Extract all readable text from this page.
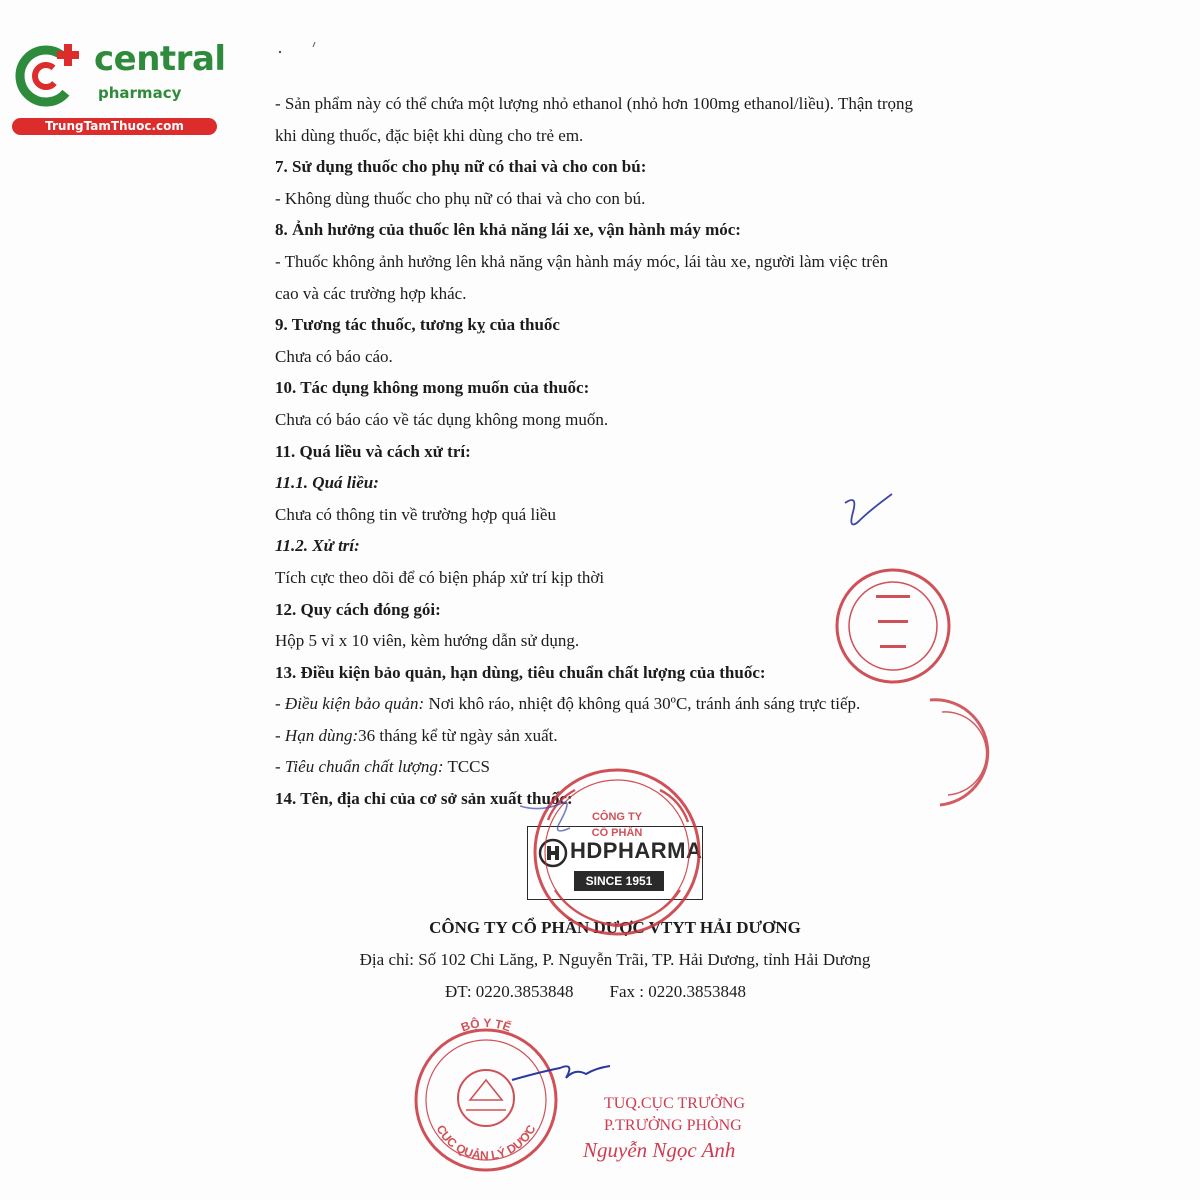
central
pharmacy
TrungTamThuoc.com
- Sản phẩm này có thể chứa một lượng nhỏ ethanol (nhỏ hơn 100mg ethanol/liều). Thận trọng
khi dùng thuốc, đặc biệt khi dùng cho trẻ em.
7. Sử dụng thuốc cho phụ nữ có thai và cho con bú:
- Không dùng thuốc cho phụ nữ có thai và cho con bú.
8. Ảnh hưởng của thuốc lên khả năng lái xe, vận hành máy móc:
- Thuốc không ảnh hưởng lên khả năng vận hành máy móc, lái tàu xe, người làm việc trên
cao và các trường hợp khác.
9. Tương tác thuốc, tương kỵ của thuốc
Chưa có báo cáo.
10. Tác dụng không mong muốn của thuốc:
Chưa có báo cáo về tác dụng không mong muốn.
11. Quá liều và cách xử trí:
11.1. Quá liều:
Chưa có thông tin về trường hợp quá liều
11.2. Xử trí:
Tích cực theo dõi để có biện pháp xử trí kịp thời
12. Quy cách đóng gói:
Hộp 5 vỉ x 10 viên, kèm hướng dẫn sử dụng.
13. Điều kiện bảo quản, hạn dùng, tiêu chuẩn chất lượng của thuốc:
- Điều kiện bảo quản: Nơi khô ráo, nhiệt độ không quá 30ºC, tránh ánh sáng trực tiếp.
- Hạn dùng:36 tháng kể từ ngày sản xuất.
- Tiêu chuẩn chất lượng: TCCS
14. Tên, địa chỉ của cơ sở sản xuất thuốc:
HDPHARMA
SINCE 1951
CÔNG TY CỔ PHẦN DƯỢC VTYT HẢI DƯƠNG
Địa chỉ: Số 102 Chi Lăng, P. Nguyễn Trãi, TP. Hải Dương, tỉnh Hải Dương
ĐT: 0220.3853848 Fax : 0220.3853848
CÔNG TY
CỔ PHẦN
BỘ Y TẾ
CỤC QUẢN LÝ DƯỢC
TUQ.CỤC TRƯỞNG
P.TRƯỞNG PHÒNG
Nguyễn Ngọc Anh
